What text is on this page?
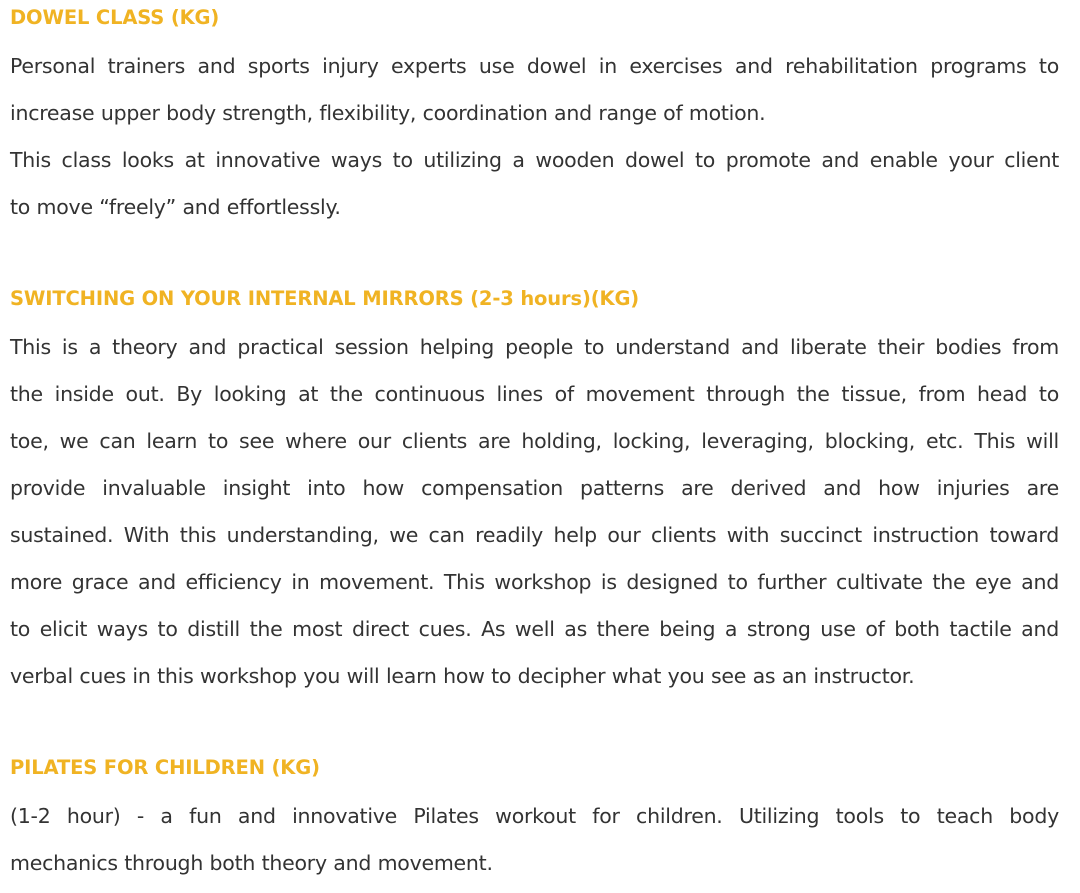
DOWEL CLASS (KG)
Personal trainers and sports injury experts use dowel in exercises and rehabilitation programs to
increase upper body strength, flexibility, coordination and range of motion.
This class looks at innovative ways to utilizing a wooden dowel to promote and enable your client
to move “freely” and effortlessly.
SWITCHING ON YOUR INTERNAL MIRRORS (2-3 hours)(KG)
This is a theory and practical session helping people to understand and liberate their bodies from
the inside out. By looking at the continuous lines of movement through the tissue, from head to
toe, we can learn to see where our clients are holding, locking, leveraging, blocking, etc. This will
provide invaluable insight into how compensation patterns are derived and how injuries are
sustained. With this understanding, we can readily help our clients with succinct instruction toward
more grace and efficiency in movement. This workshop is designed to further cultivate the eye and
to elicit ways to distill the most direct cues. As well as there being a strong use of both tactile and
verbal cues in this workshop you will learn how to decipher what you see as an instructor.
PILATES FOR CHILDREN (KG)
(1-2 hour) - a fun and innovative Pilates workout for children. Utilizing tools to teach body
mechanics through both theory and movement.
